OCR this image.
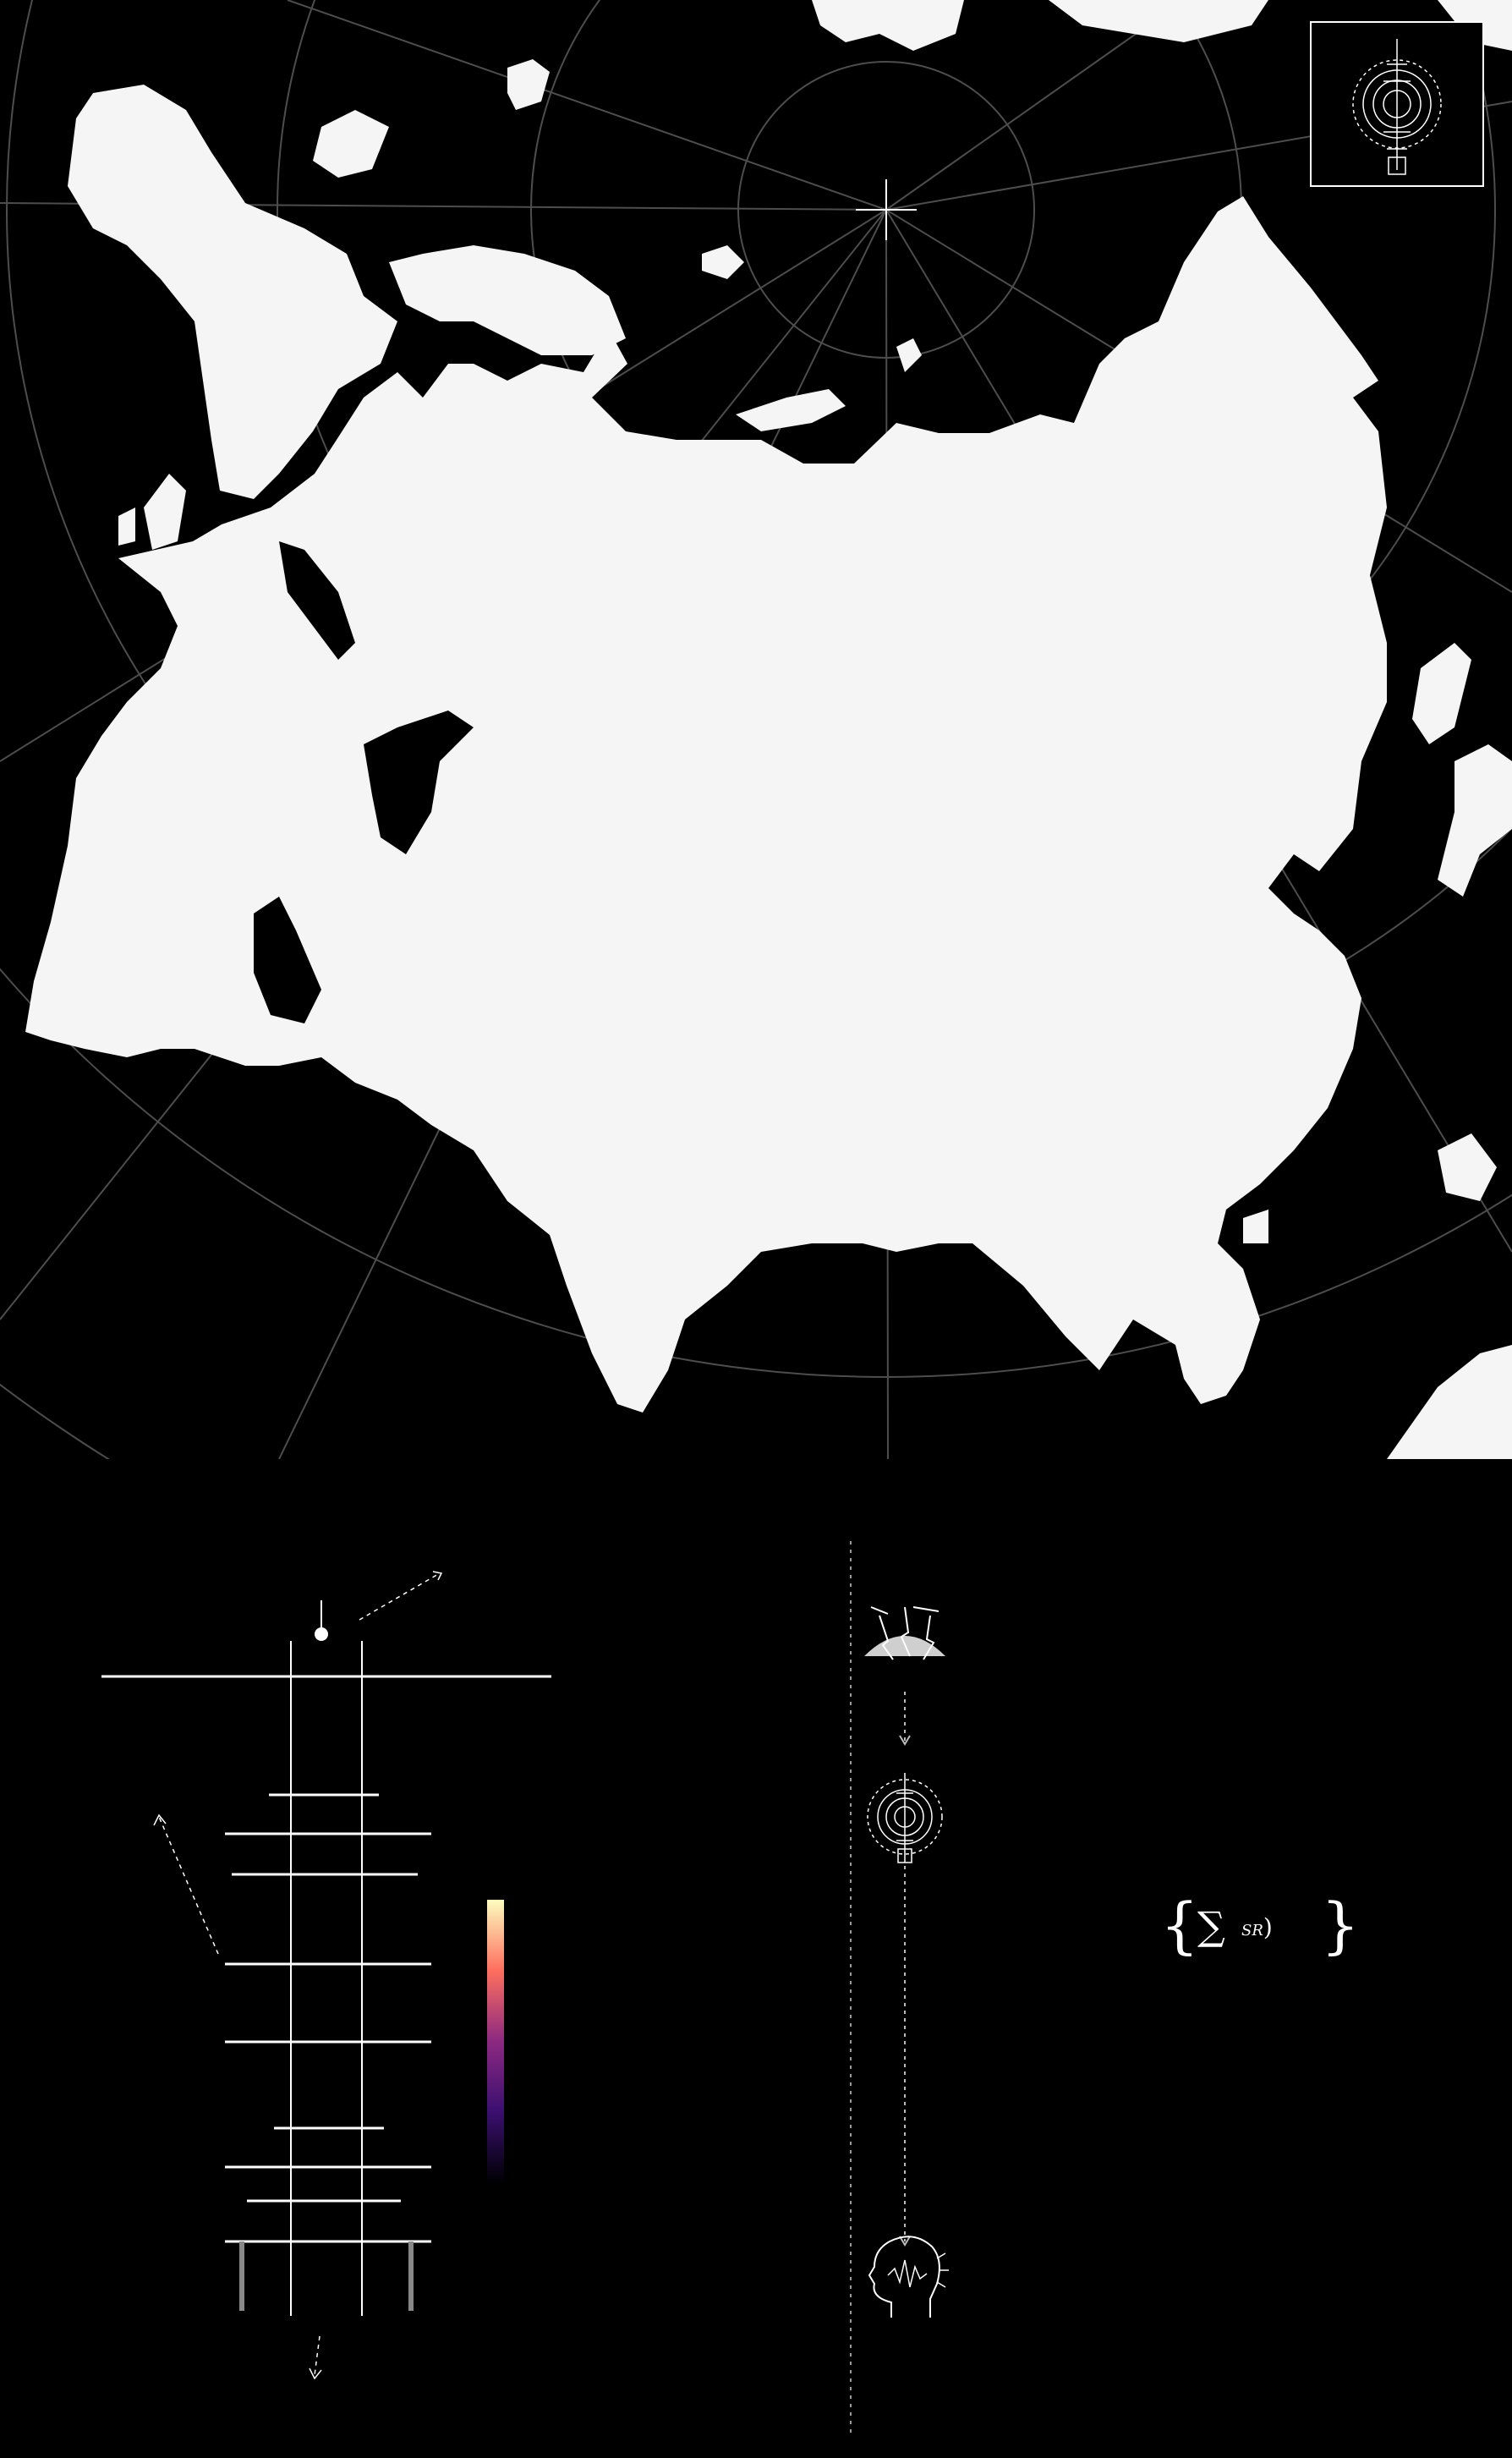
{
∑ SR) }
